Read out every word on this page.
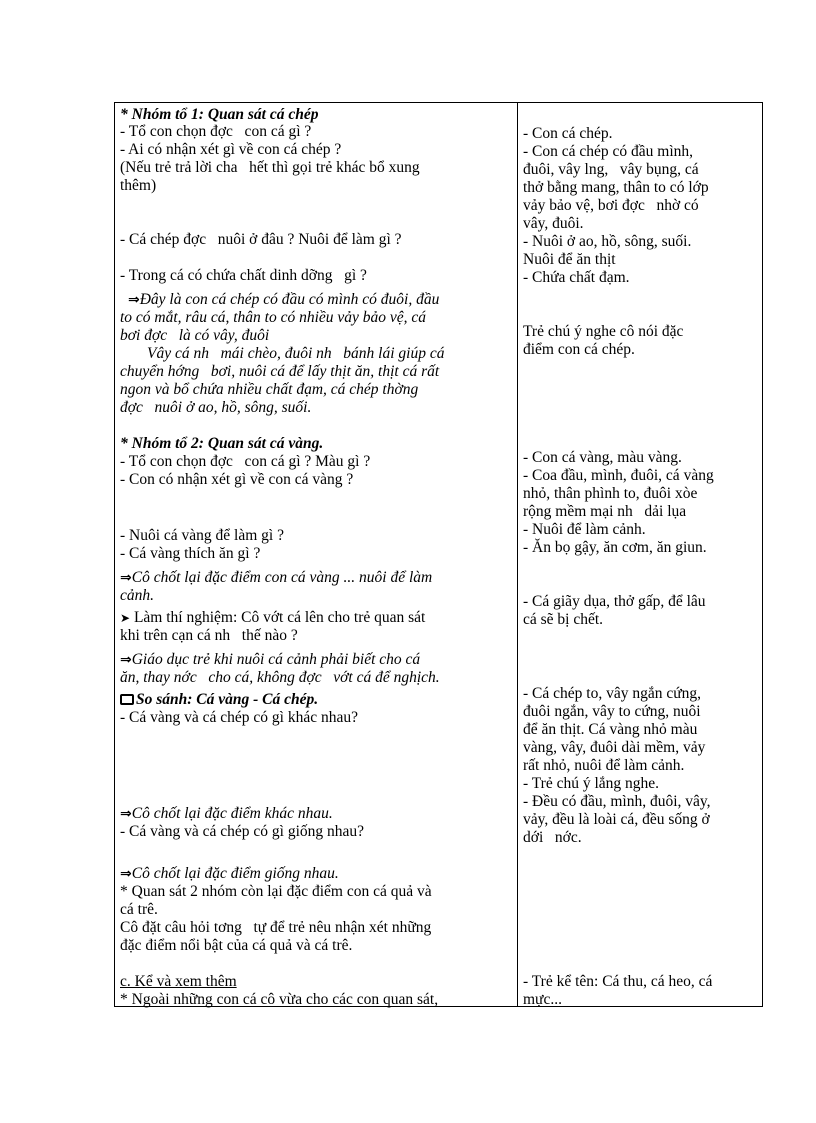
* Nhóm tổ 1: Quan sát cá chép
- Tổ con chọn đợc   con cá gì ?
- Ai có nhận xét gì về con cá chép ?
(Nếu trẻ trả lời cha   hết thì gọi trẻ khác bổ xung
thêm)
- Cá chép đợc   nuôi ở đâu ? Nuôi để làm gì ?
- Trong cá có chứa chất dinh dỡng   gì ?
⇒Đây là con cá chép có đầu có mình có đuôi, đầu
to có mắt, râu cá, thân to có nhiều vảy bảo vệ, cá
bơi đợc   là có vây, đuôi
Vây cá nh   mái chèo, đuôi nh   bánh lái giúp cá
chuyển hớng   bơi, nuôi cá để lấy thịt ăn, thịt cá rất
ngon và bổ chứa nhiều chất đạm, cá chép thờng
đợc   nuôi ở ao, hồ, sông, suối.
* Nhóm tổ 2: Quan sát cá vàng.
- Tổ con chọn đợc   con cá gì ? Màu gì ?
- Con có nhận xét gì về con cá vàng ?
- Nuôi cá vàng để làm gì ?
- Cá vàng thích ăn gì ?
⇒Cô chốt lại đặc điểm con cá vàng ... nuôi để làm
cảnh.
➤ Làm thí nghiệm: Cô vớt cá lên cho trẻ quan sát
khi trên cạn cá nh   thế nào ?
⇒Giáo dục trẻ khi nuôi cá cảnh phải biết cho cá
ăn, thay nớc   cho cá, không đợc   vớt cá để nghịch.
So sánh: Cá vàng - Cá chép.
- Cá vàng và cá chép có gì khác nhau?
⇒Cô chốt lại đặc điểm khác nhau.
- Cá vàng và cá chép có gì giống nhau?
⇒Cô chốt lại đặc điểm giống nhau.
* Quan sát 2 nhóm còn lại đặc điểm con cá quả và
cá trê.
Cô đặt câu hỏi tơng   tự để trẻ nêu nhận xét những
đặc điểm nổi bật của cá quả và cá trê.
c. Kể và xem thêm
* Ngoài những con cá cô vừa cho các con quan sát,
- Con cá chép.
- Con cá chép có đầu mình,
đuôi, vây lng,   vây bụng, cá
thở bằng mang, thân to có lớp
vảy bảo vệ, bơi đợc   nhờ có
vây, đuôi.
- Nuôi ở ao, hồ, sông, suối.
Nuôi để ăn thịt
- Chứa chất đạm.
Trẻ chú ý nghe cô nói đặc
điểm con cá chép.
- Con cá vàng, màu vàng.
- Coa đầu, mình, đuôi, cá vàng
nhỏ, thân phình to, đuôi xòe
rộng mềm mại nh   dải lụa
- Nuôi để làm cảnh.
- Ăn bọ gậy, ăn cơm, ăn giun.
- Cá giãy dụa, thở gấp, để lâu
cá sẽ bị chết.
- Cá chép to, vây ngắn cứng,
đuôi ngắn, vây to cứng, nuôi
để ăn thịt. Cá vàng nhỏ màu
vàng, vây, đuôi dài mềm, vảy
rất nhỏ, nuôi để làm cảnh.
- Trẻ chú ý lắng nghe.
- Đều có đầu, mình, đuôi, vây,
vảy, đều là loài cá, đều sống ở
dới   nớc.
- Trẻ kể tên: Cá thu, cá heo, cá
mực...
